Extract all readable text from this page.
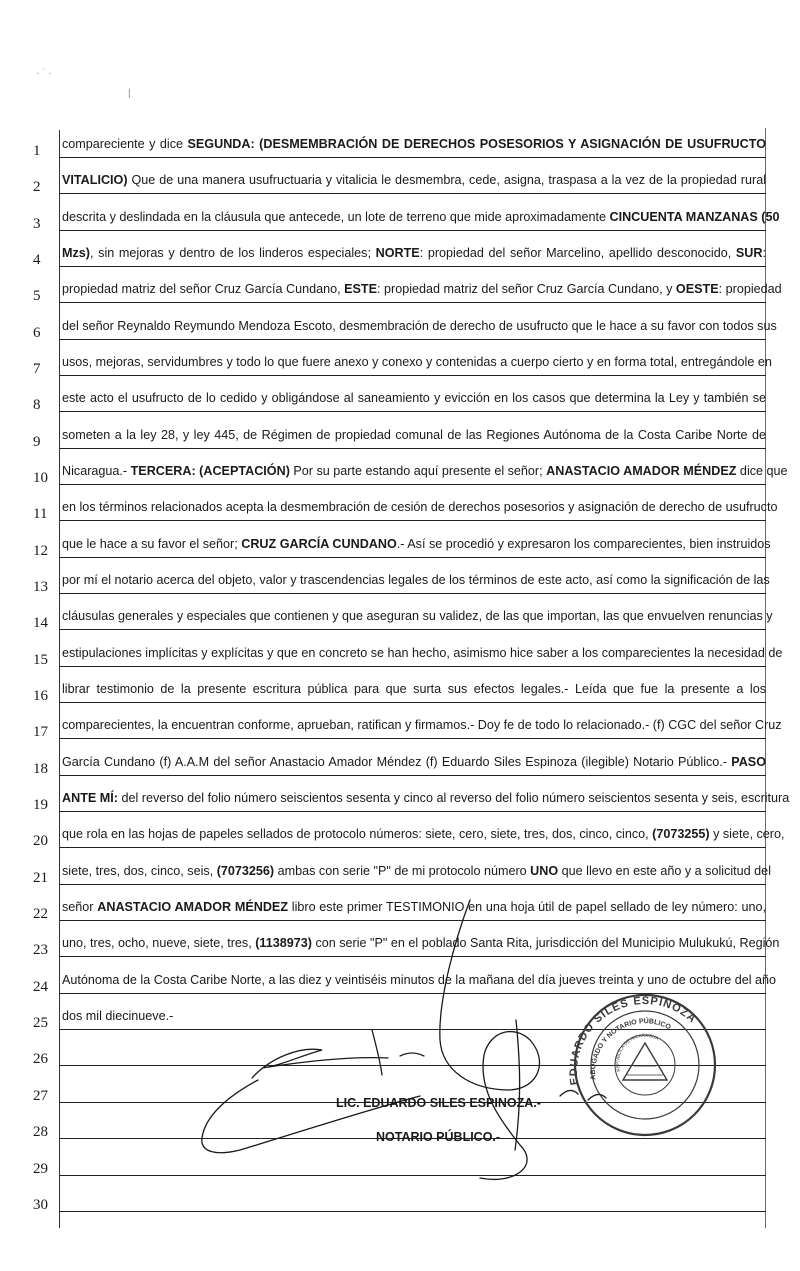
· ˙ ·
|
1	compareciente y dice SEGUNDA: (DESMEMBRACIÓN DE DERECHOS POSESORIOS Y ASIGNACIÓN DE USUFRUCTO
2	VITALICIO) Que de una manera usufructuaria y vitalicia le desmembra, cede, asigna, traspasa a la vez de la propiedad rural
3	descrita y deslindada en la cláusula que antecede, un lote de terreno que mide aproximadamente CINCUENTA MANZANAS (50
4	Mzs), sin mejoras y dentro de los linderos especiales; NORTE: propiedad del señor Marcelino, apellido desconocido, SUR:
5	propiedad matriz del señor Cruz García Cundano, ESTE: propiedad matriz del señor Cruz García Cundano, y OESTE: propiedad
6	del señor Reynaldo Reymundo Mendoza Escoto, desmembración de derecho de usufructo que le hace a su favor con todos sus
7	usos, mejoras, servidumbres y todo lo que fuere anexo y conexo y contenidas a cuerpo cierto y en forma total, entregándole en
8	este acto el usufructo de lo cedido y obligándose al saneamiento y evicción en los casos que determina la Ley y también se
9	someten a la ley 28, y ley 445, de Régimen de propiedad comunal de las Regiones Autónoma de la Costa Caribe Norte de
10	Nicaragua.- TERCERA: (ACEPTACIÓN) Por su parte estando aquí presente el señor; ANASTACIO AMADOR MÉNDEZ dice que
11	en los términos relacionados acepta la desmembración de cesión de derechos posesorios y asignación de derecho de usufructo
12	que le hace a su favor el señor; CRUZ GARCÍA CUNDANO.- Así se procedió y expresaron los comparecientes, bien instruidos
13	por mí el notario acerca del objeto, valor y trascendencias legales de los términos de este acto, así como la significación de las
14	cláusulas generales y especiales que contienen y que aseguran su validez, de las que importan, las que envuelven renuncias y
15	estipulaciones implícitas y explícitas y que en concreto se han hecho, asimismo hice saber a los comparecientes la necesidad de
16	librar testimonio de la presente escritura pública para que surta sus efectos legales.- Leída que fue la presente a los
17	comparecientes, la encuentran conforme, aprueban, ratifican y firmamos.- Doy fe de todo lo relacionado.- (f) CGC del señor Cruz
18	García Cundano (f) A.A.M del señor Anastacio Amador Méndez (f) Eduardo Siles Espinoza (ilegible) Notario Público.- PASO
19	ANTE MÍ: del reverso del folio número seiscientos sesenta y cinco al reverso del folio número seiscientos sesenta y seis, escritura
20	que rola en las hojas de papeles sellados de protocolo números: siete, cero, siete, tres, dos, cinco, cinco, (7073255) y siete, cero,
21	siete, tres, dos, cinco, seis, (7073256) ambas con serie "P" de mi protocolo número UNO que llevo en este año y a solicitud del
22	señor ANASTACIO AMADOR MÉNDEZ libro este primer TESTIMONIO en una hoja útil de papel sellado de ley número: uno,
23	uno, tres, ocho, nueve, siete, tres, (1138973) con serie "P" en el poblado Santa Rita, jurisdicción del Municipio Mulukukú, Región
24	Autónoma de la Costa Caribe Norte, a las diez y veintiséis minutos de la mañana del día jueves treinta y uno de octubre del año
25	dos mil diecinueve.-
26
27
28
29
30
LIC. EDUARDO SILES ESPINOZA.-
NOTARIO PÚBLICO.-
EDUARDO SILES ESPINOZA
ABOGADO Y NOTARIO PÚBLICO
REPÚBLICA DE NICARAGUA
